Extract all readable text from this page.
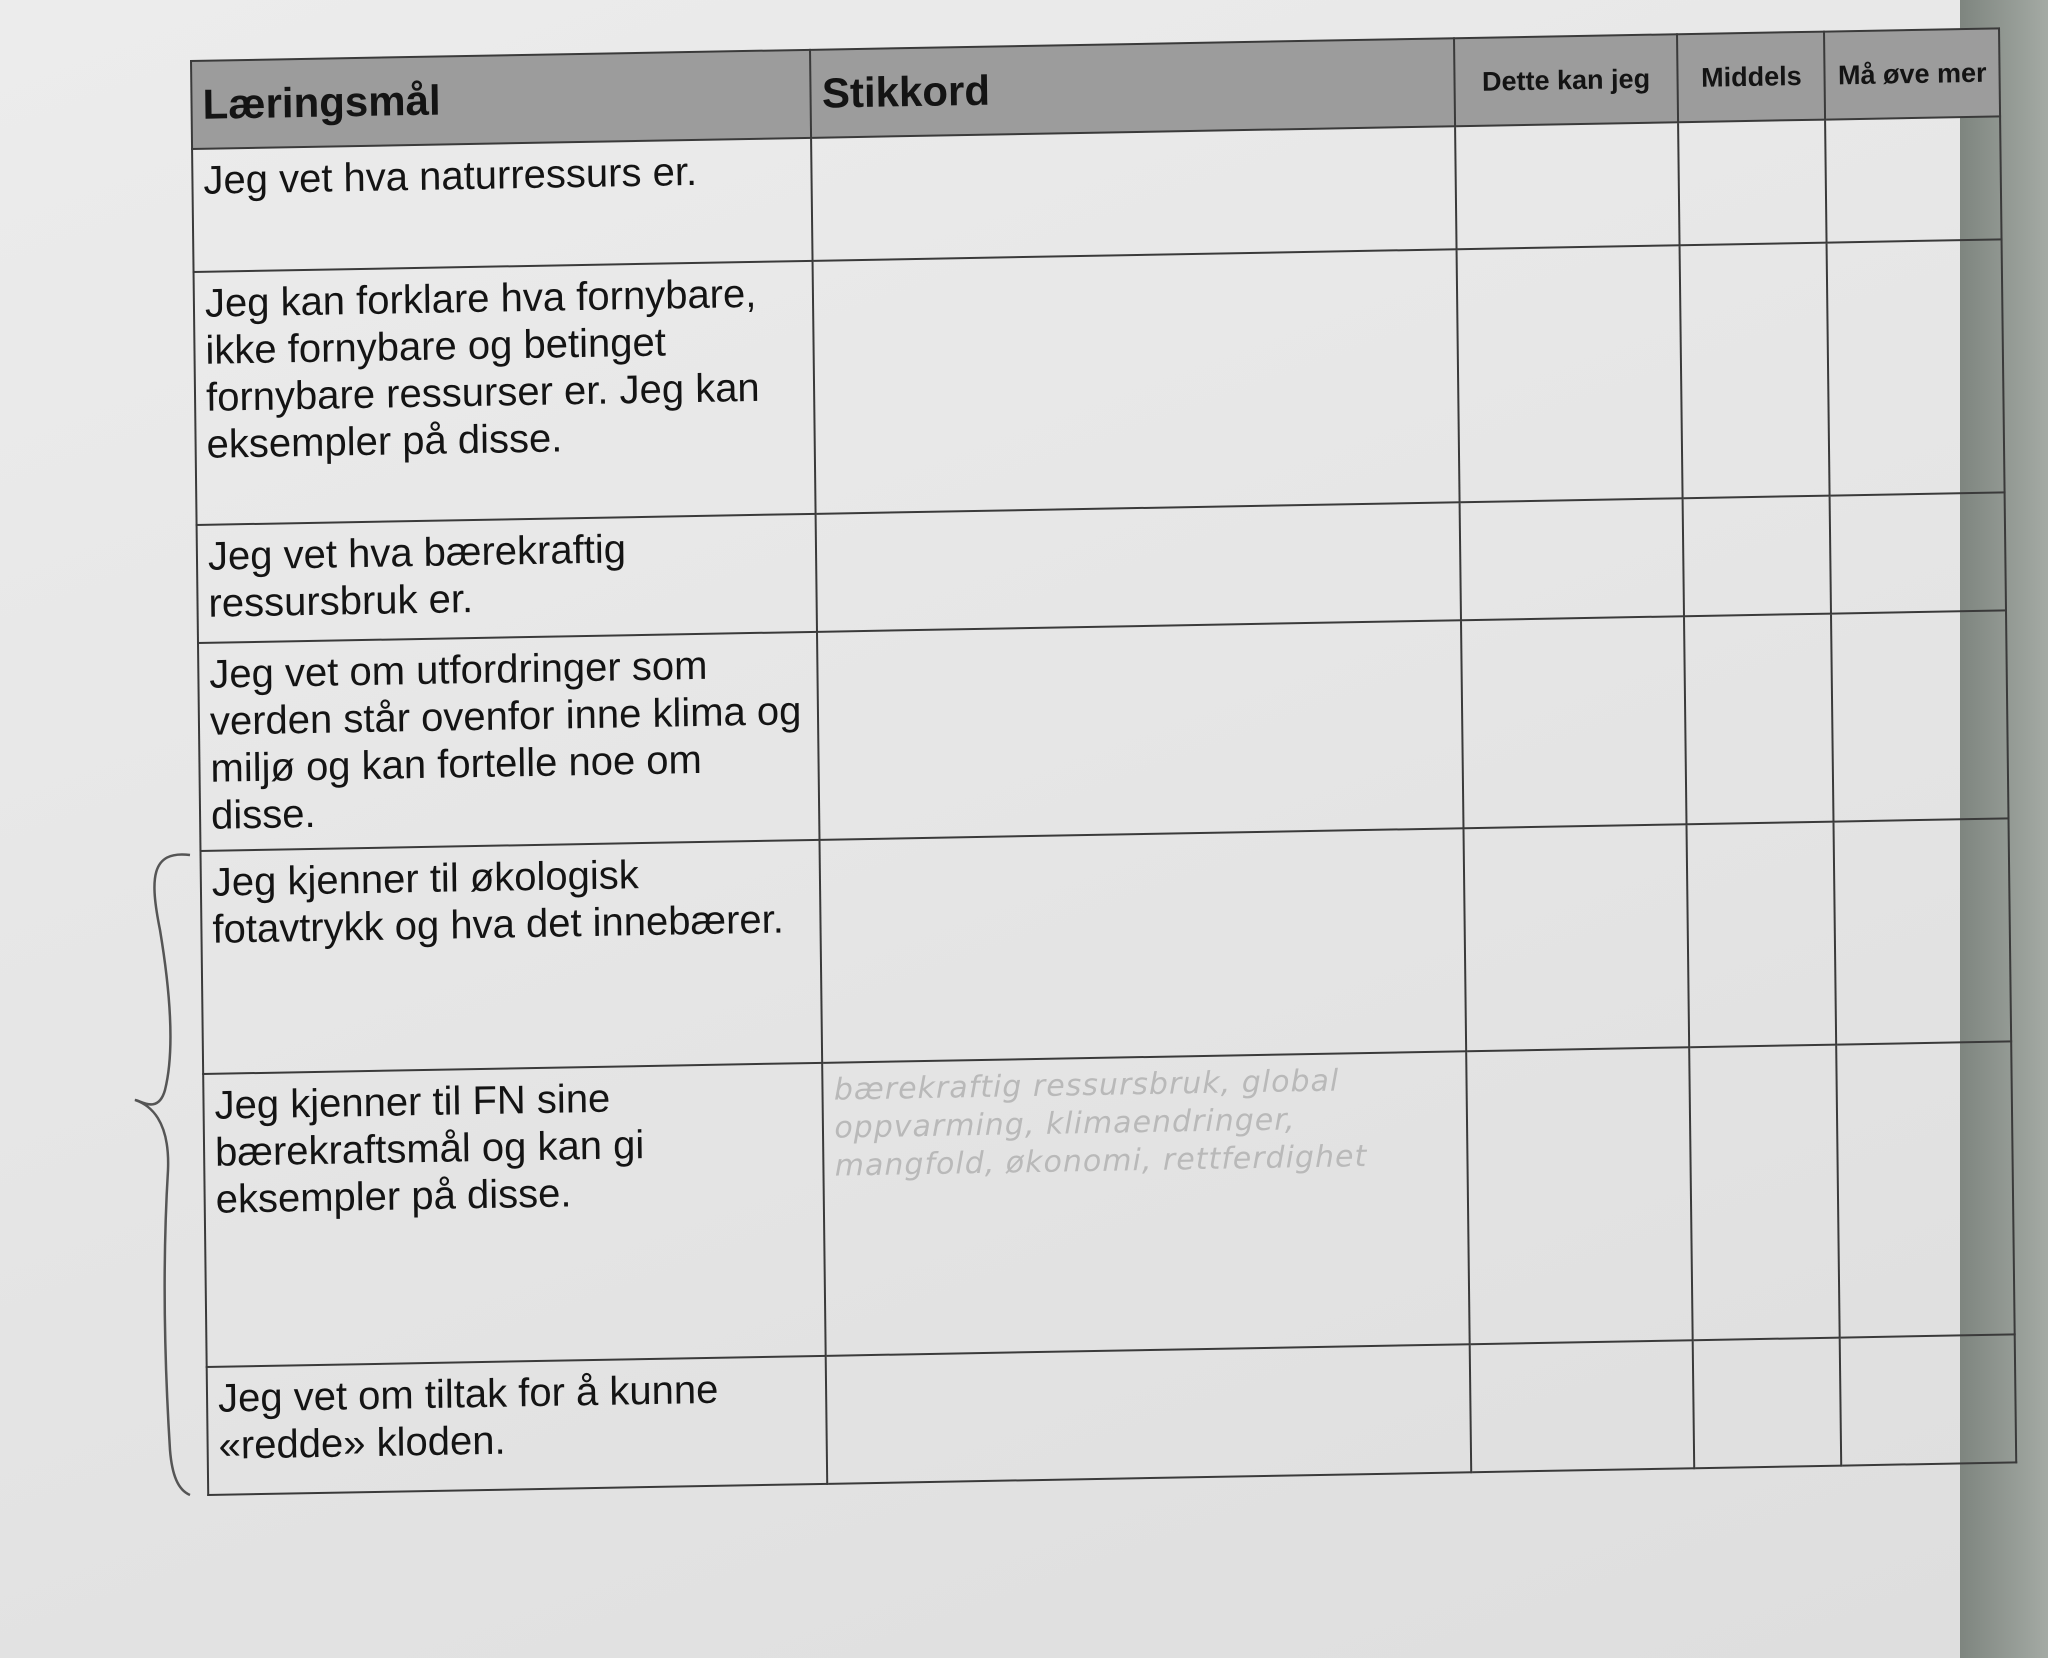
Læringsmål	Stikkord	Dette kan jeg	Middels	Må øve mer
Jeg vet hva naturressurs er.				
Jeg kan forklare hva fornybare, ikke fornybare og betinget fornybare ressurser er. Jeg kan eksempler på disse.				
Jeg vet hva bærekraftig ressursbruk er.				
Jeg vet om utfordringer som verden står ovenfor inne klima og miljø og kan fortelle noe om disse.				
Jeg kjenner til økologisk fotavtrykk og hva det innebærer.				
Jeg kjenner til FN sine bærekraftsmål og kan gi eksempler på disse.	bærekraftig ressursbruk, global oppvarming, klimaendringer, mangfold, økonomi, rettferdighet			

Jeg vet om tiltak for å kunne «redde» kloden.				
